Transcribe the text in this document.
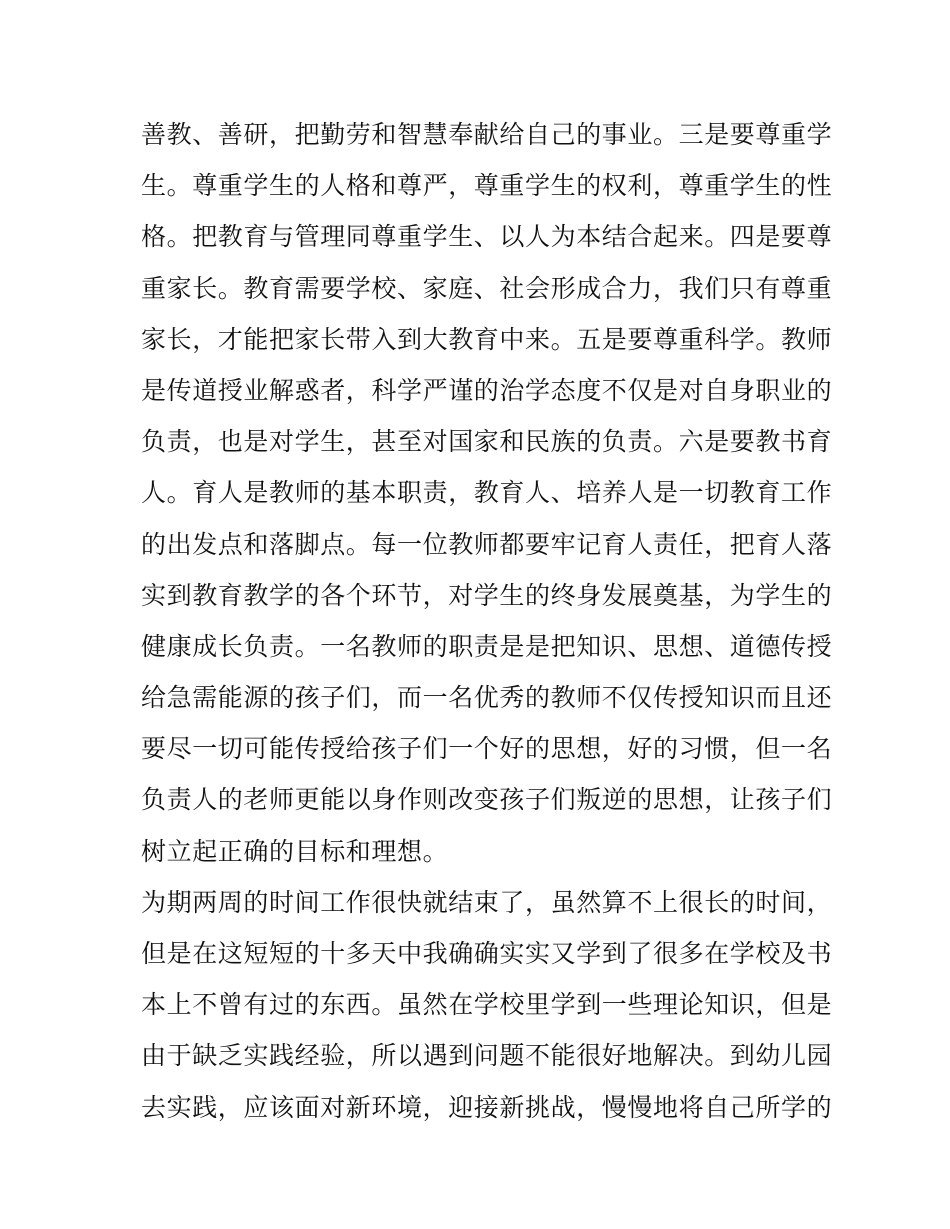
善教、善研，把勤劳和智慧奉献给自己的事业。三是要尊重学
生。尊重学生的人格和尊严，尊重学生的权利，尊重学生的性
格。把教育与管理同尊重学生、以人为本结合起来。四是要尊
重家长。教育需要学校、家庭、社会形成合力，我们只有尊重
家长，才能把家长带入到大教育中来。五是要尊重科学。教师
是传道授业解惑者，科学严谨的治学态度不仅是对自身职业的
负责，也是对学生，甚至对国家和民族的负责。六是要教书育
人。育人是教师的基本职责，教育人、培养人是一切教育工作
的出发点和落脚点。每一位教师都要牢记育人责任，把育人落
实到教育教学的各个环节，对学生的终身发展奠基，为学生的
健康成长负责。一名教师的职责是是把知识、思想、道德传授
给急需能源的孩子们，而一名优秀的教师不仅传授知识而且还
要尽一切可能传授给孩子们一个好的思想，好的习惯，但一名
负责人的老师更能以身作则改变孩子们叛逆的思想，让孩子们
树立起正确的目标和理想。
为期两周的时间工作很快就结束了，虽然算不上很长的时间，
但是在这短短的十多天中我确确实实又学到了很多在学校及书
本上不曾有过的东西。虽然在学校里学到一些理论知识，但是
由于缺乏实践经验，所以遇到问题不能很好地解决。到幼儿园
去实践，应该面对新环境，迎接新挑战，慢慢地将自己所学的
